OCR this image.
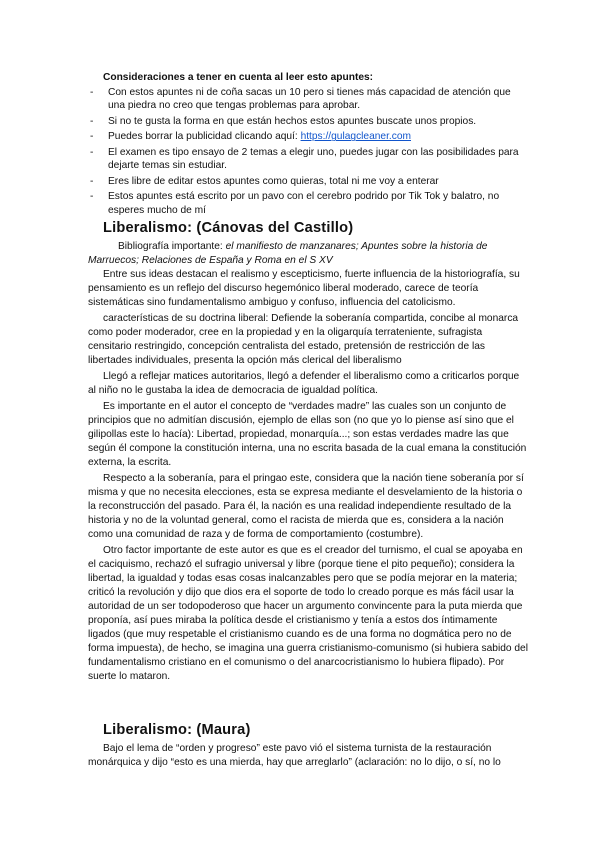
Consideraciones a tener en cuenta al leer esto apuntes:
- Con estos apuntes ni de coña sacas un 10 pero si tienes más capacidad de atención que una piedra no creo que tengas problemas para aprobar.
- Si no te gusta la forma en que están hechos estos apuntes buscate unos propios.
- Puedes borrar la publicidad clicando aquí: https://gulagcleaner.com
- El examen es tipo ensayo de 2 temas a elegir uno, puedes jugar con las posibilidades para dejarte temas sin estudiar.
- Eres libre de editar estos apuntes como quieras, total ni me voy a enterar
- Estos apuntes está escrito por un pavo con el cerebro podrido por Tik Tok y balatro, no esperes mucho de mí
Liberalismo: (Cánovas del Castillo)
Bibliografía importante: el manifiesto de manzanares; Apuntes sobre la historia de Marruecos; Relaciones de España y Roma en el S XV

Entre sus ideas destacan el realismo y escepticismo, fuerte influencia de la historiografía, su pensamiento es un reflejo del discurso hegemónico liberal moderado, carece de teoría sistemáticas sino fundamentalismo ambiguo y confuso, influencia del catolicismo.

características de su doctrina liberal: Defiende la soberanía compartida, concibe al monarca como poder moderador, cree en la propiedad y en la oligarquía terrateniente, sufragista censitario restringido, concepción centralista del estado, pretensión de restricción de las libertades individuales, presenta la opción más clerical del liberalismo

Llegó a reflejar matices autoritarios, llegó a defender el liberalismo como a criticarlos porque al niño no le gustaba la idea de democracia de igualdad política.

Es importante en el autor el concepto de “verdades madre” las cuales son un conjunto de principios que no admitían discusión, ejemplo de ellas son (no que yo lo piense así sino que el gilipollas este lo hacía): Libertad, propiedad, monarquía...; son estas verdades madre las que según él compone la constitución interna, una no escrita basada de la cual emana la constitución externa, la escrita.

Respecto a la soberanía, para el pringao este, considera que la nación tiene soberanía por sí misma y que no necesita elecciones, esta se expresa mediante el desvelamiento de la historia o la reconstrucción del pasado. Para él, la nación es una realidad independiente resultado de la historia y no de la voluntad general, como el racista de mierda que es, considera a la nación como una comunidad de raza y de forma de comportamiento (costumbre).

Otro factor importante de este autor es que es el creador del turnismo, el cual se apoyaba en el caciquismo, rechazó el sufragio universal y libre (porque tiene el pito pequeño); considera la libertad, la igualdad y todas esas cosas inalcanzables pero que se podía mejorar en la materia; criticó la revolución y dijo que dios era el soporte de todo lo creado porque es más fácil usar la autoridad de un ser todopoderoso que hacer un argumento convincente para la puta mierda que proponía, así pues miraba la política desde el cristianismo y tenía a estos dos íntimamente ligados (que muy respetable el cristianismo cuando es de una forma no dogmática pero no de forma impuesta), de hecho, se imagina una guerra cristianismo-comunismo (si hubiera sabido del fundamentalismo cristiano en el comunismo o del anarcocristianismo lo hubiera flipado). Por suerte lo mataron.

Liberalismo: (Maura)

Bajo el lema de “orden y progreso” este pavo vió el sistema turnista de la restauración monárquica y dijo “esto es una mierda, hay que arreglarlo” (aclaración: no lo dijo, o sí, no lo
